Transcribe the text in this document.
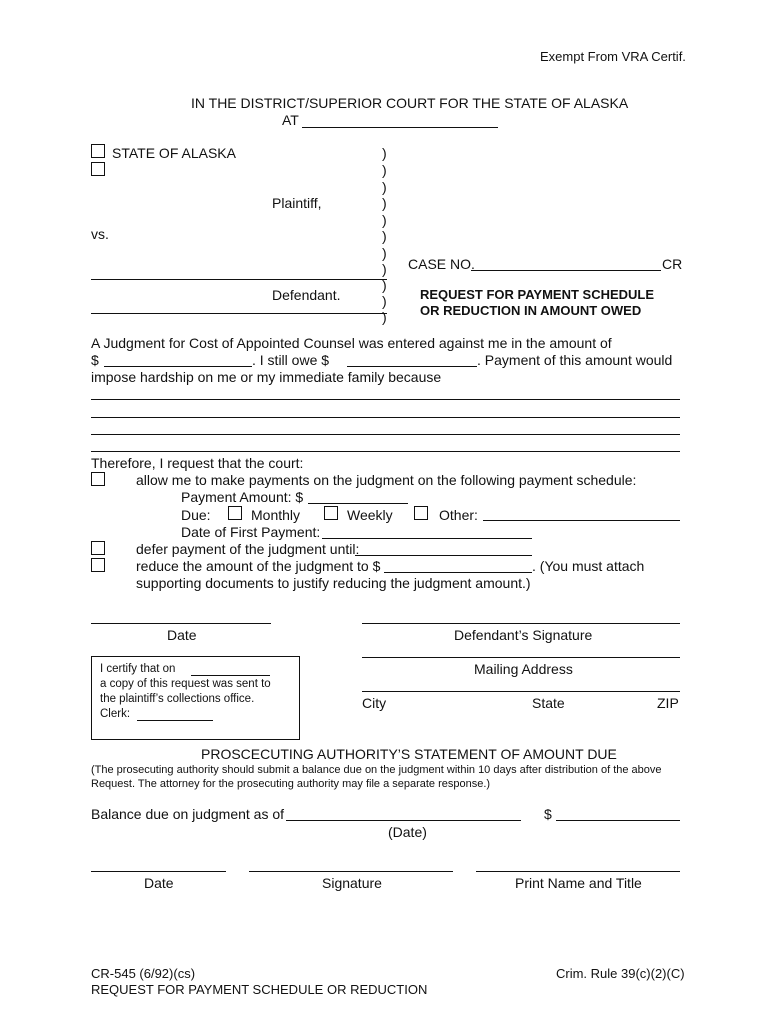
Exempt From VRA Certif.
IN THE DISTRICT/SUPERIOR COURT FOR THE STATE OF ALASKA
AT
STATE OF ALASKA
Plaintiff,
vs.
Defendant.
)
)
)
)
)
)
)
)
)
)
)
CASE NO.	CR
REQUEST FOR PAYMENT SCHEDULE
OR REDUCTION IN AMOUNT OWED
A Judgment for Cost of Appointed Counsel was entered against me in the amount of
$	. I still owe $	. Payment of this amount would
impose hardship on me or my immediate family because
Therefore, I request that the court:
allow me to make payments on the judgment on the following payment schedule:
Payment Amount: $
Due:	Monthly	Weekly	Other:
Date of First Payment:
defer payment of the judgment until:
reduce the amount of the judgment to $	. (You must attach
supporting documents to justify reducing the judgment amount.)
Date	Defendant’s Signature
Mailing Address
City	State	ZIP
I certify that on
a copy of this request was sent to
the plaintiff’s collections office.
Clerk:
PROSCECUTING AUTHORITY’S STATEMENT OF AMOUNT DUE
(The prosecuting authority should submit a balance due on the judgment within 10 days after distribution of the above
Request. The attorney for the prosecuting authority may file a separate response.)
Balance due on judgment as of	$
(Date)
Date	Signature	Print Name and Title
CR-545 (6/92)(cs)
REQUEST FOR PAYMENT SCHEDULE OR REDUCTION
Crim. Rule 39(c)(2)(C)
